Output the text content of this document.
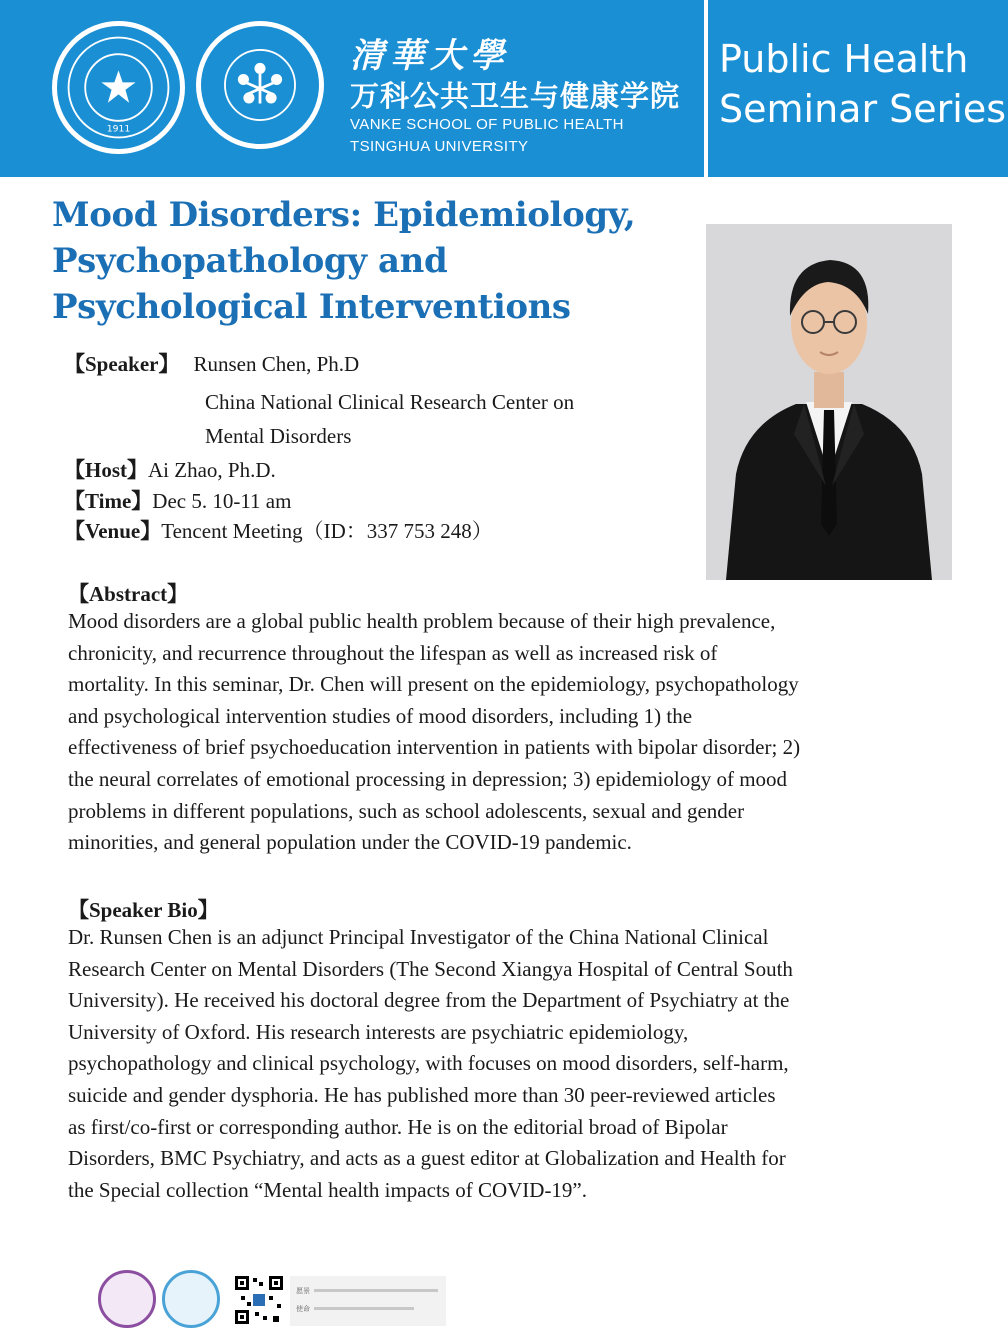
1911
清華大學
万科公共卫生与健康学院
VANKE SCHOOL OF PUBLIC HEALTH
TSINGHUA UNIVERSITY
Public Health
Seminar Series
Mood Disorders: Epidemiology,
Psychopathology and
Psychological Interventions
【Speaker】 Runsen Chen, Ph.D
China National Clinical Research Center on
Mental Disorders
【Host】Ai Zhao, Ph.D.
【Time】Dec 5. 10-11 am
【Venue】Tencent Meeting（ID：337 753 248）
【Abstract】
Mood disorders are a global public health problem because of their high prevalence,
chronicity, and recurrence throughout the lifespan as well as increased risk of
mortality. In this seminar, Dr. Chen will present on the epidemiology, psychopathology
and psychological intervention studies of mood disorders, including 1) the
effectiveness of brief psychoeducation intervention in patients with bipolar disorder; 2)
the neural correlates of emotional processing in depression; 3) epidemiology of mood
problems in different populations, such as school adolescents, sexual and gender
minorities, and general population under the COVID-19 pandemic.
【Speaker Bio】
Dr. Runsen Chen is an adjunct Principal Investigator of the China National Clinical
Research Center on Mental Disorders (The Second Xiangya Hospital of Central South
University). He received his doctoral degree from the Department of Psychiatry at the
University of Oxford. His research interests are psychiatric epidemiology,
psychopathology and clinical psychology, with focuses on mood disorders, self-harm,
suicide and gender dysphoria. He has published more than 30 peer-reviewed articles
as first/co-first or corresponding author. He is on the editorial broad of Bipolar
Disorders, BMC Psychiatry, and acts as a guest editor at Globalization and Health for
the Special collection “Mental health impacts of COVID-19”.
愿景
使命
